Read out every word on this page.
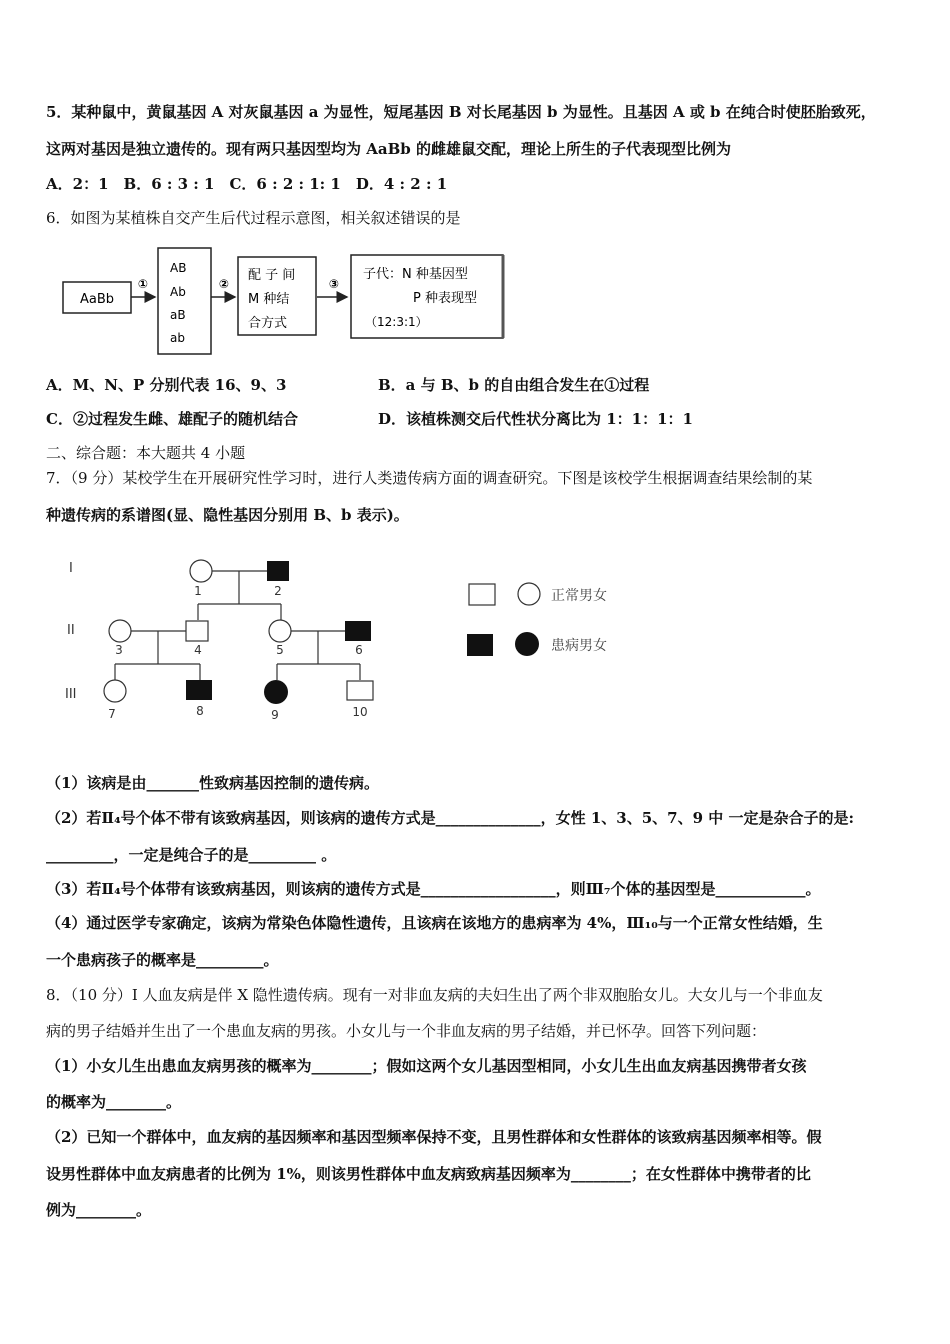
5．某种鼠中，黄鼠基因 A 对灰鼠基因 a 为显性，短尾基因 B 对长尾基因 b 为显性。且基因 A 或 b 在纯合时使胚胎致死，
这两对基因是独立遗传的。现有两只基因型均为 AaBb 的雌雄鼠交配，理论上所生的子代表现型比例为
A．2：1　B．6 : 3 : 1　C．6 : 2 : 1: 1　D．4 : 2 : 1
6．如图为某植株自交产生后代过程示意图，相关叙述错误的是
AaBb
①
AB
Ab
aB
ab
②
配 子 间
M 种结
合方式
③
子代：N 种基因型
P 种表现型
（12:3:1）
A．M、N、P 分别代表 16、9、3	B．a 与 B、b 的自由组合发生在①过程
C．②过程发生雌、雄配子的随机结合	D．该植株测交后代性状分离比为 1：1：1：1
二、综合题：本大题共 4 小题
7．（9 分）某校学生在开展研究性学习时，进行人类遗传病方面的调查研究。下图是该校学生根据调查结果绘制的某
种遗传病的系谱图(显、隐性基因分别用 B、b 表示)。
I
II
III
1	2
3	4	5	6
7	8	9	10
正常男女
患病男女
（1）该病是由_______性致病基因控制的遗传病。
（2）若Ⅱ₄号个体不带有该致病基因，则该病的遗传方式是______________，女性 1、3、5、7、9 中 一定是杂合子的是:
_________，一定是纯合子的是_________ 。
（3）若Ⅱ₄号个体带有该致病基因，则该病的遗传方式是__________________，则Ⅲ₇个体的基因型是____________。
（4）通过医学专家确定，该病为常染色体隐性遗传，且该病在该地方的患病率为 4%，Ⅲ₁₀与一个正常女性结婚，生
一个患病孩子的概率是_________。
8．（10 分）I 人血友病是伴 X 隐性遗传病。现有一对非血友病的夫妇生出了两个非双胞胎女儿。大女儿与一个非血友
病的男子结婚并生出了一个患血友病的男孩。小女儿与一个非血友病的男子结婚，并已怀孕。回答下列问题：
（1）小女儿生出患血友病男孩的概率为________；假如这两个女儿基因型相同，小女儿生出血友病基因携带者女孩
的概率为________。
（2）已知一个群体中，血友病的基因频率和基因型频率保持不变，且男性群体和女性群体的该致病基因频率相等。假
设男性群体中血友病患者的比例为 1%，则该男性群体中血友病致病基因频率为________；在女性群体中携带者的比
例为________。
